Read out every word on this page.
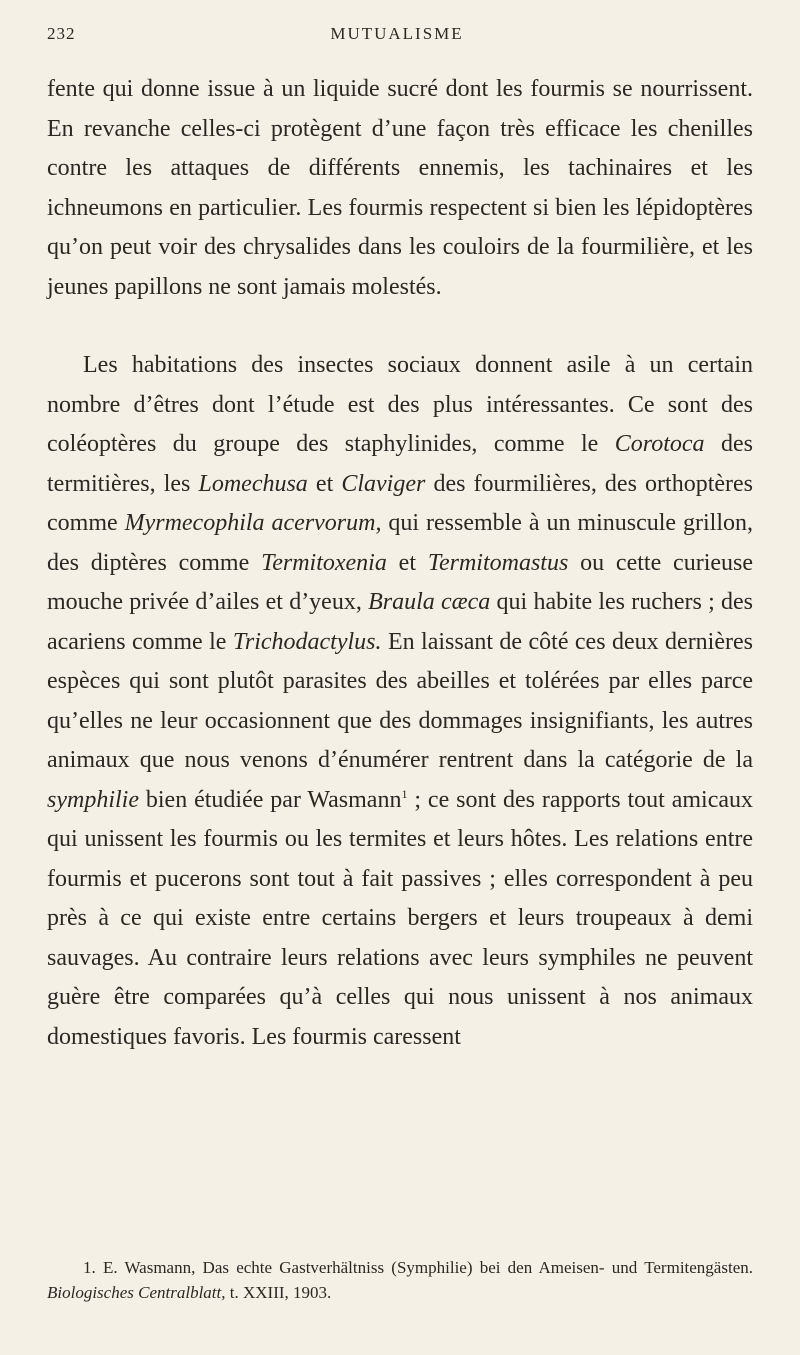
232	MUTUALISME

fente qui donne issue à un liquide sucré dont les fourmis se nourrissent. En revanche celles-ci protègent d’une façon très efficace les chenilles contre les attaques de différents ennemis, les tachinaires et les ichneumons en particulier. Les fourmis respectent si bien les lépidoptères qu’on peut voir des chrysalides dans les couloirs de la fourmilière, et les jeunes papillons ne sont jamais molestés.

Les habitations des insectes sociaux donnent asile à un certain nombre d’êtres dont l’étude est des plus intéressantes. Ce sont des coléoptères du groupe des staphylinides, comme le Corotoca des termitières, les Lomechusa et Claviger des fourmilières, des orthoptères comme Myrmecophila acervorum, qui ressemble à un minuscule grillon, des diptères comme Termitoxenia et Termitomastus ou cette curieuse mouche privée d’ailes et d’yeux, Braula cæca qui habite les ruchers ; des acariens comme le Trichodactylus. En laissant de côté ces deux dernières espèces qui sont plutôt parasites des abeilles et tolérées par elles parce qu’elles ne leur occasionnent que des dommages insignifiants, les autres animaux que nous venons d’énumérer rentrent dans la catégorie de la symphilie bien étudiée par Wasmann$^1$ ; ce sont des rapports tout amicaux qui unissent les fourmis ou les termites et leurs hôtes. Les relations entre fourmis et pucerons sont tout à fait passives ; elles correspondent à peu près à ce qui existe entre certains bergers et leurs troupeaux à demi sauvages. Au contraire leurs relations avec leurs symphiles ne peuvent guère être comparées qu’à celles qui nous unissent à nos animaux domestiques favoris. Les fourmis caressent

1. E. Wasmann, Das echte Gastverhältniss (Symphilie) bei den Ameisen- und Termitengästen. Biologisches Centralblatt, t. XXIII, 1903.
